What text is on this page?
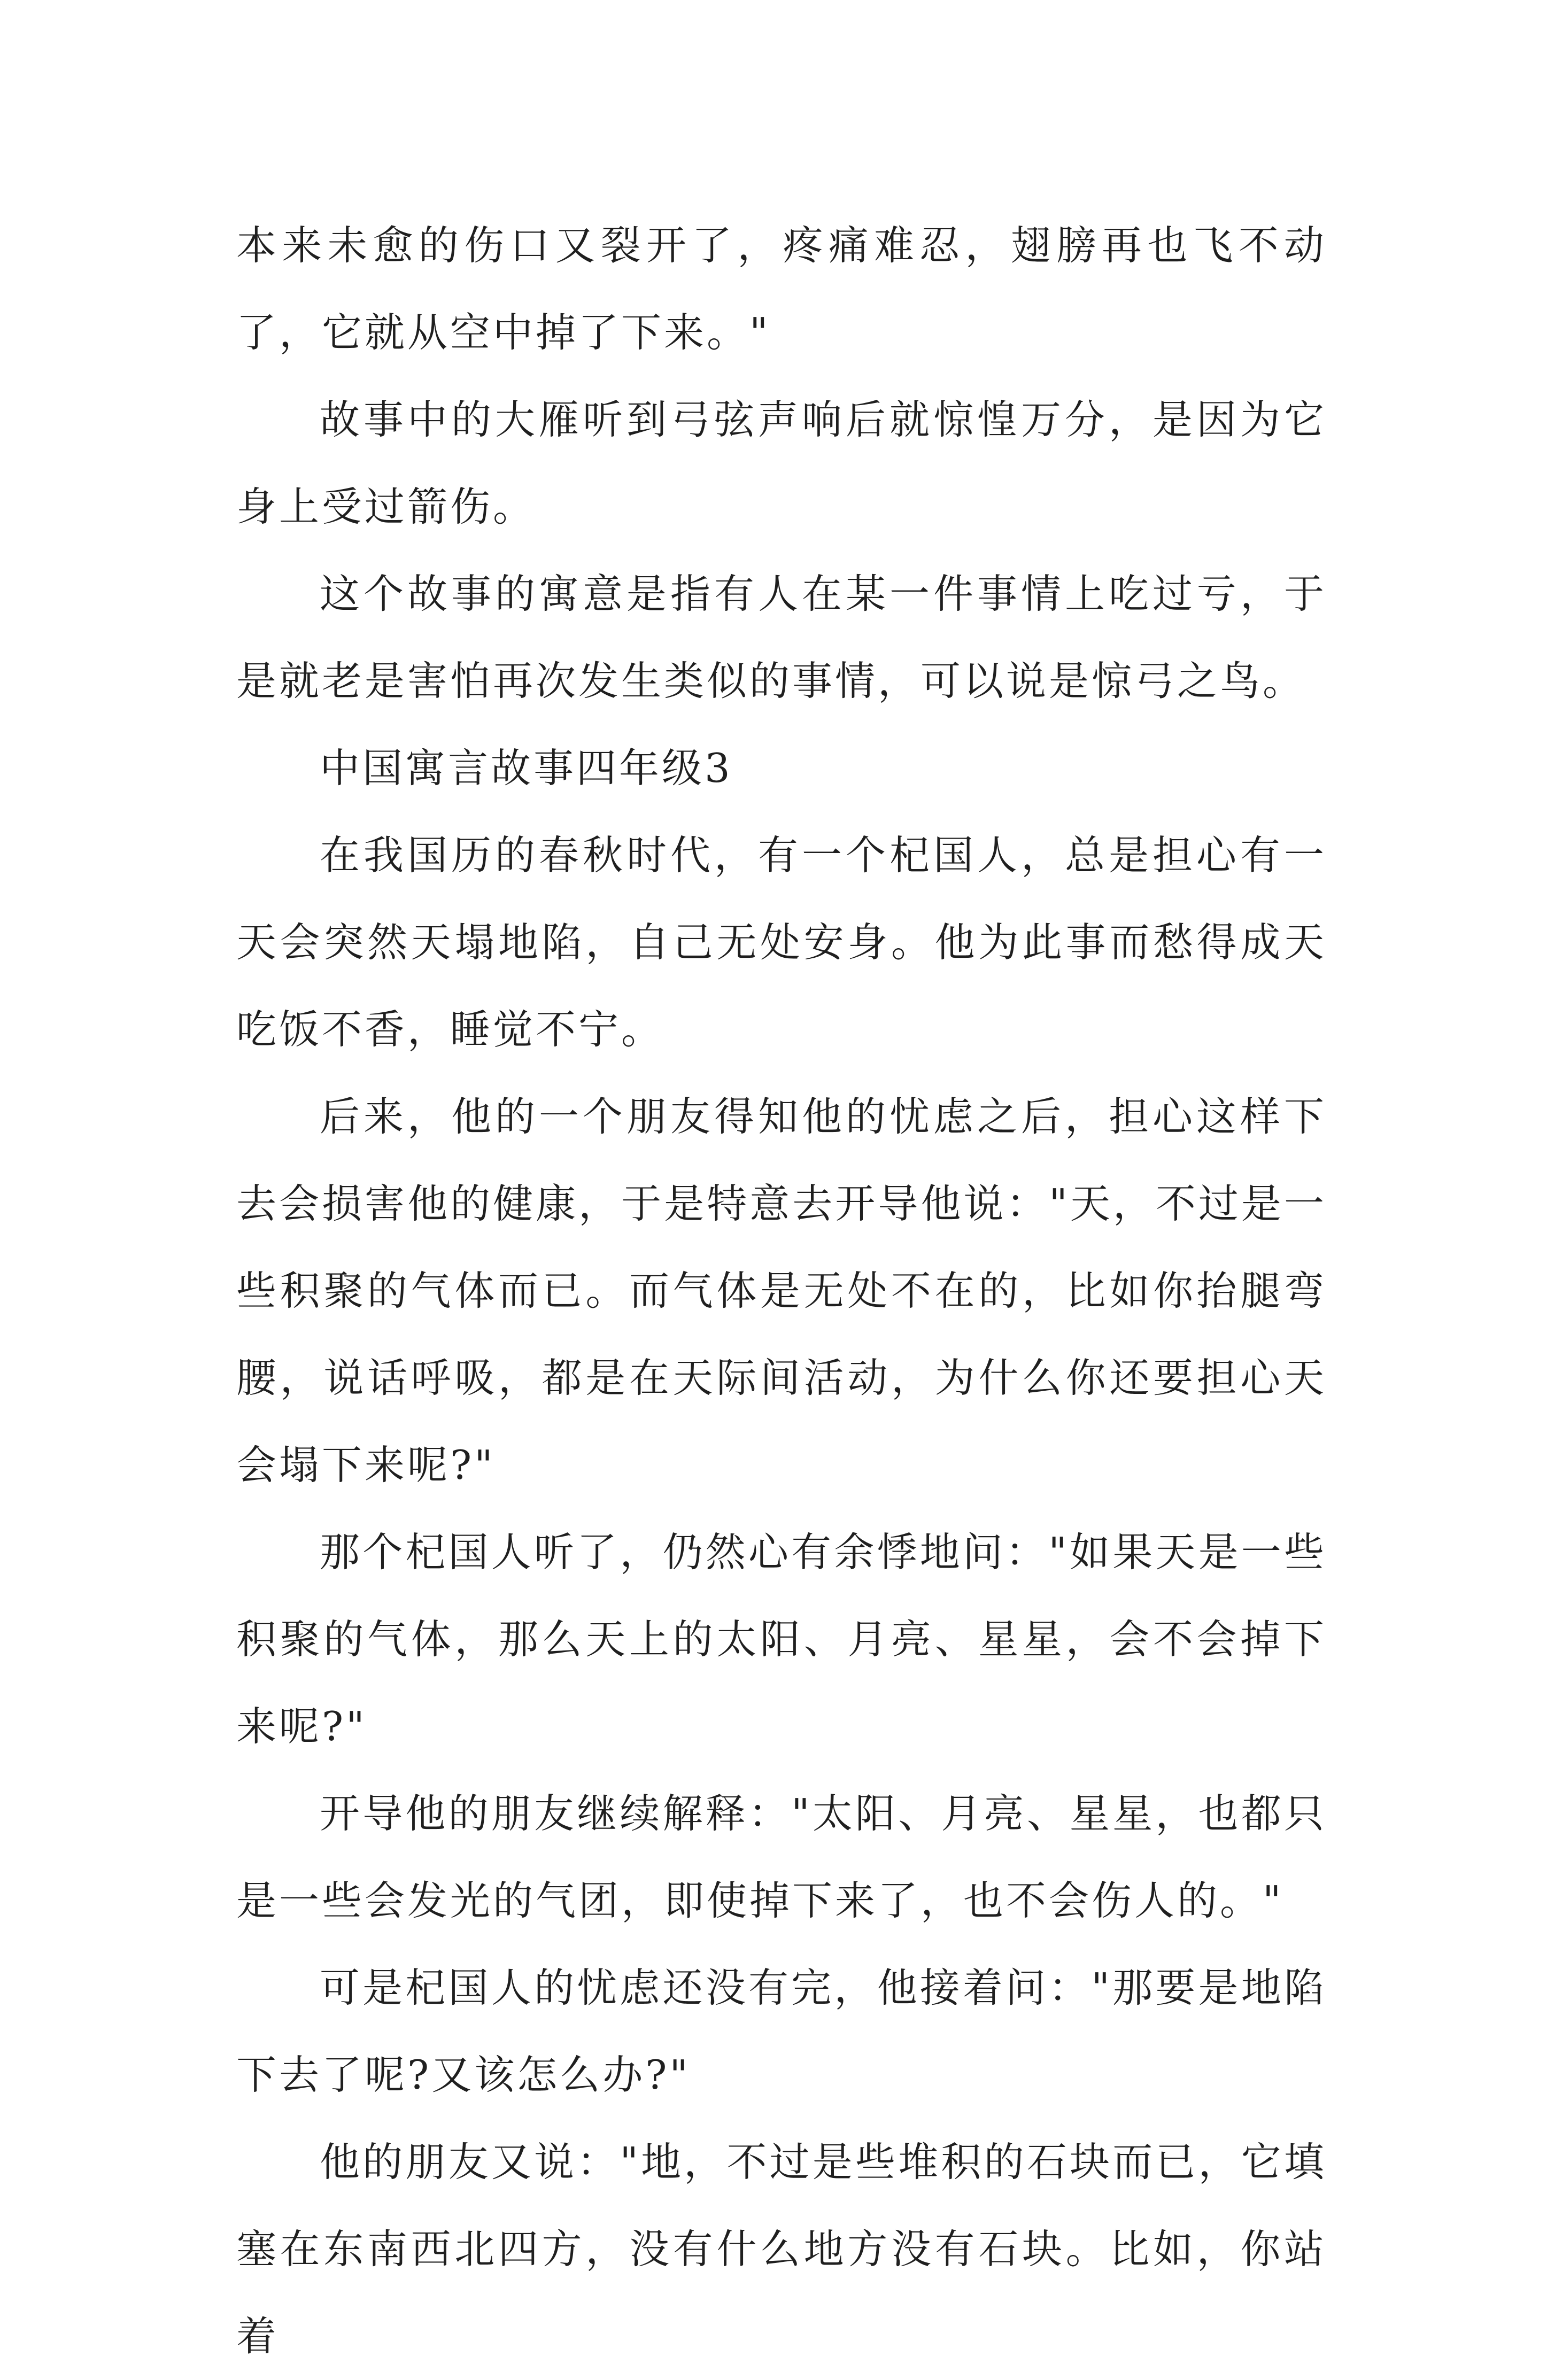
本来未愈的伤口又裂开了，疼痛难忍，翅膀再也飞不动了，它就从空中掉了下来。"

故事中的大雁听到弓弦声响后就惊惶万分，是因为它身上受过箭伤。

这个故事的寓意是指有人在某一件事情上吃过亏，于是就老是害怕再次发生类似的事情，可以说是惊弓之鸟。

中国寓言故事四年级3

在我国历的春秋时代，有一个杞国人，总是担心有一天会突然天塌地陷，自己无处安身。他为此事而愁得成天吃饭不香，睡觉不宁。

后来，他的一个朋友得知他的忧虑之后，担心这样下去会损害他的健康，于是特意去开导他说："天，不过是一些积聚的气体而已。而气体是无处不在的，比如你抬腿弯腰，说话呼吸，都是在天际间活动，为什么你还要担心天会塌下来呢?"

那个杞国人听了，仍然心有余悸地问："如果天是一些积聚的气体，那么天上的太阳、月亮、星星，会不会掉下来呢?"

开导他的朋友继续解释："太阳、月亮、星星，也都只是一些会发光的气团，即使掉下来了，也不会伤人的。"

可是杞国人的忧虑还没有完，他接着问："那要是地陷下去了呢?又该怎么办?"

他的朋友又说："地，不过是些堆积的石块而已，它填塞在东南西北四方，没有什么地方没有石块。比如，你站着
